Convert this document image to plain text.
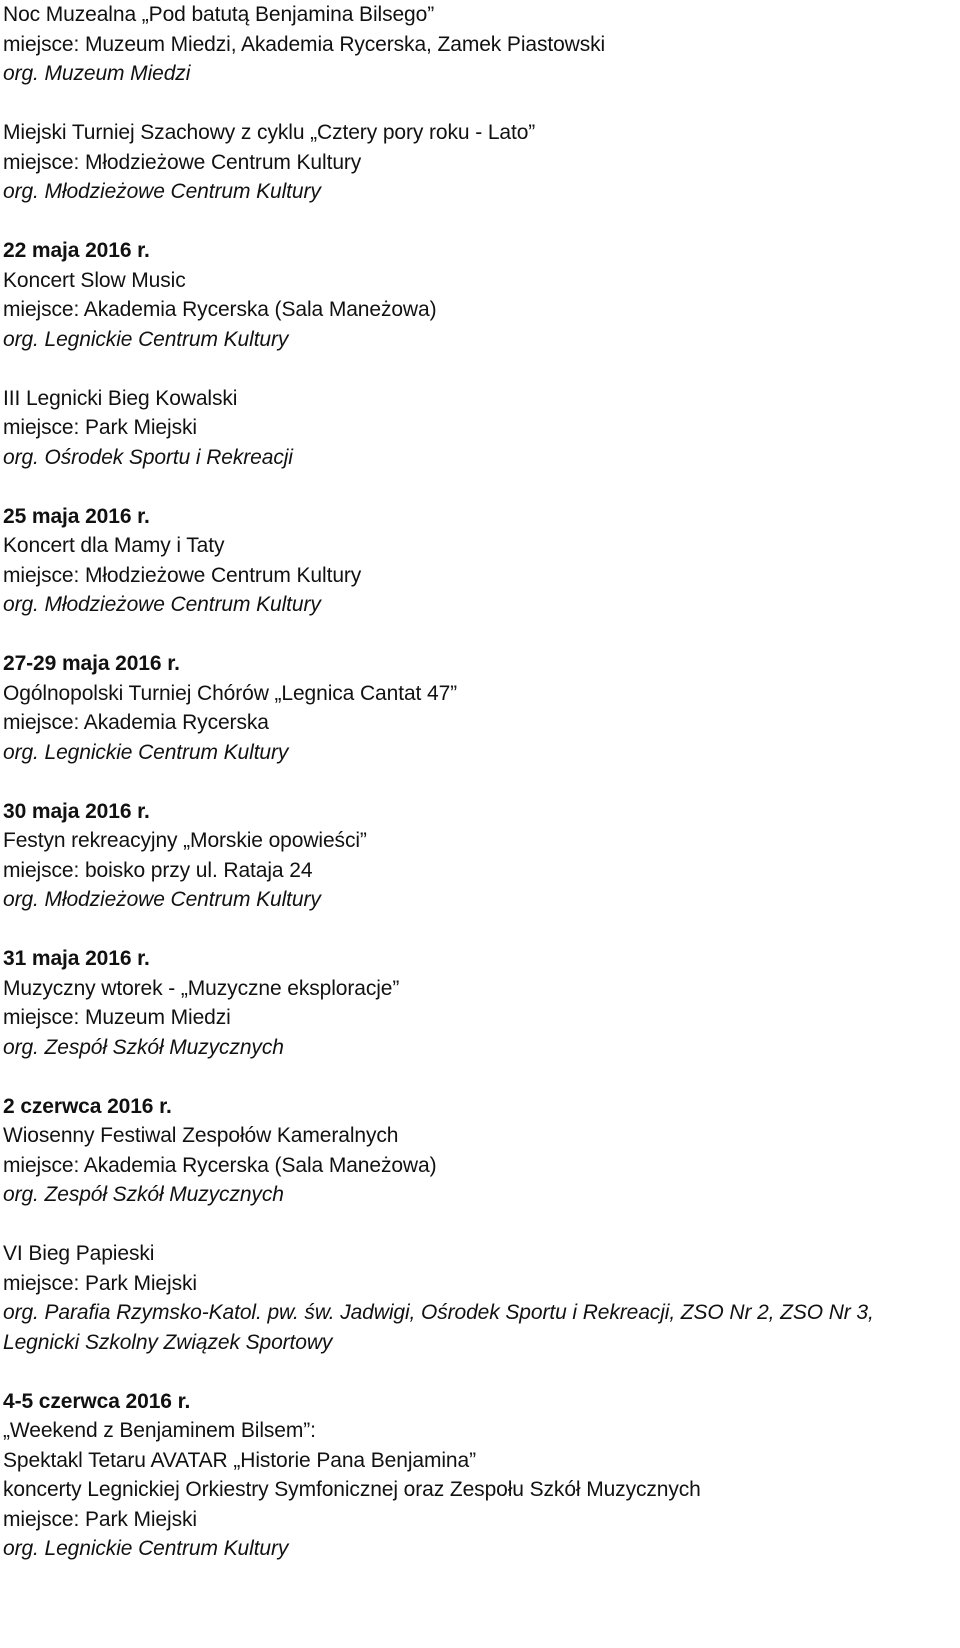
Noc Muzealna „Pod batutą Benjamina Bilsego”
miejsce: Muzeum Miedzi, Akademia Rycerska, Zamek Piastowski
org. Muzeum Miedzi
Miejski Turniej Szachowy z cyklu „Cztery pory roku - Lato”
miejsce: Młodzieżowe Centrum Kultury
org. Młodzieżowe Centrum Kultury
22 maja 2016 r.
Koncert Slow Music
miejsce: Akademia Rycerska (Sala Maneżowa)
org. Legnickie Centrum Kultury
III Legnicki Bieg Kowalski
miejsce: Park Miejski
org. Ośrodek Sportu i Rekreacji
25 maja 2016 r.
Koncert dla Mamy i Taty
miejsce: Młodzieżowe Centrum Kultury
org. Młodzieżowe Centrum Kultury
27-29 maja 2016 r.
Ogólnopolski Turniej Chórów „Legnica Cantat 47”
miejsce: Akademia Rycerska
org. Legnickie Centrum Kultury
30 maja 2016 r.
Festyn rekreacyjny „Morskie opowieści”
miejsce: boisko przy ul. Rataja 24
org. Młodzieżowe Centrum Kultury
31 maja 2016 r.
Muzyczny wtorek - „Muzyczne eksploracje”
miejsce: Muzeum Miedzi
org. Zespół Szkół Muzycznych
2 czerwca 2016 r.
Wiosenny Festiwal Zespołów Kameralnych
miejsce: Akademia Rycerska (Sala Maneżowa)
org. Zespół Szkół Muzycznych
VI Bieg Papieski
miejsce: Park Miejski
org. Parafia Rzymsko-Katol. pw. św. Jadwigi, Ośrodek Sportu i Rekreacji, ZSO Nr 2, ZSO Nr 3,
Legnicki Szkolny Związek Sportowy
4-5 czerwca 2016 r.
„Weekend z Benjaminem Bilsem”:
Spektakl Tetaru AVATAR „Historie Pana Benjamina”
koncerty Legnickiej Orkiestry Symfonicznej oraz Zespołu Szkół Muzycznych
miejsce: Park Miejski
org. Legnickie Centrum Kultury
